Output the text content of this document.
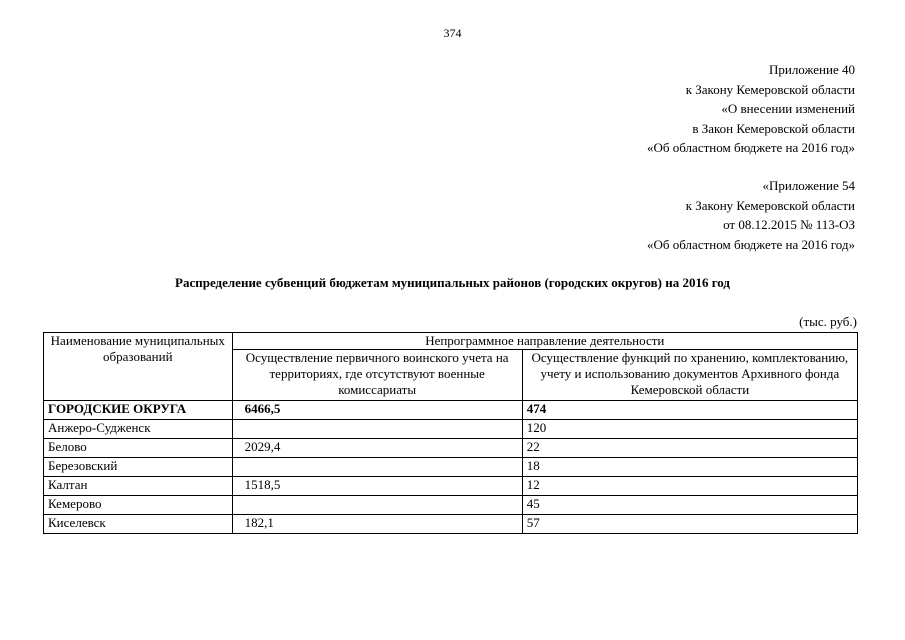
374
Приложение 40
к Закону Кемеровской области
«О внесении изменений
в Закон Кемеровской области
«Об областном бюджете на 2016 год»
«Приложение 54
к Закону Кемеровской области
от 08.12.2015 № 113-ОЗ
«Об областном бюджете на 2016 год»
Распределение субвенций бюджетам муниципальных районов (городских округов) на 2016 год
(тыс. руб.)
Наименование муниципальных образований	Непрограммное направление деятельности	
	Осуществление первичного воинского учета на территориях, где отсутствуют военные комиссариаты	Осуществление функций по хранению, комплектованию, учету и использованию документов Архивного фонда Кемеровской области
ГОРОДСКИЕ ОКРУГА	6466,5	474
Анжеро-Судженск		120
Белово	2029,4	22
Березовский		18
Калтан	1518,5	12
Кемерово		45
Киселевск	182,1	57
